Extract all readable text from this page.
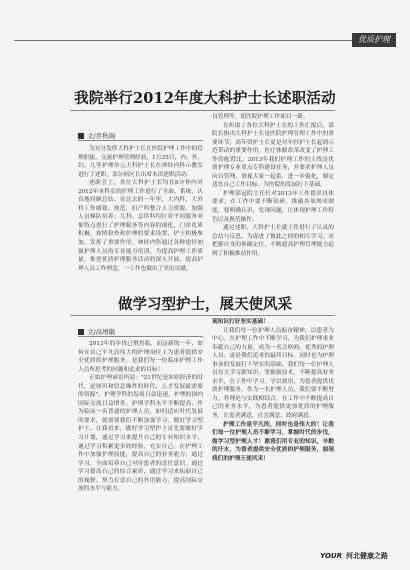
优质护理
我院举行2012年度大科护士长述职活动
文/乔秋阁

为充分发挥大科护士长在医院护理工作中的管理职能，交流护理管理经验，1月25日，内、外、妇、儿等护理单元大科护士长在神经内科示教室进行了述职，部分病区长出席本次述职活动。

述职会上，各位大科护士长均在8分钟内对2012年本科室的护理工作进行了全面、系统、认真地回顾总结。在过去的一年里，大内科、大外科工作细致、规范，妇产科整合人力资源，加强人员梯队培养；儿科、急诊科均针对不同服务对象特点进行了护理服务等内容的细化，门诊化质积极，按照检查和护理的要求设置，护士积极参加，发挥了重要作用。神经内科通过各种途径加强护理人员的专业能力培训，为提高护理工作质量，推进优质护理服务活动的深入开展，提高护理人员工作理念，一工作也做出了突出贡献。

良管理等，使医院护理工作面目一新。

在听取了各位大科护士长的工作汇报后，部院长指出大科护士长是医院护理管理工作中的重要环节，高年资护士长更是对年轻护士长起到示范带动的重要作用。医疗体制改革改变了护理工作的配置比，2013年我们护理工作的主线是优质护理专业重点专科建设任务，并要求护理人员向自管理，重视大家一起系，进一步强化，制定适宜自己工作目标。为医院的发展打下基础。

护理部冠院主任针对2013年工作提出具体要求，在工作中要不断钻研、推敲各项规章制度，要明确认识，发现问题，让体现护理工作特色以及规范操作。

通过述职，大科护士长就工作进行了认真的总结与反思，为促进了彼此之间的相互学习，对把握自身的准确定位，不断提高护理管理能力起到了积极推动作用。

做学习型护士，展天使风采
文/高增敏

2013年的步伐已悄然临，而这新的一年，如何在自己平凡而伟大的护理岗位上为患者提供安全优质的护理服务，是我们每一位临床护理工作人员所思考的问题和追求的目标！

正如护理谚语所说："21世纪是知识经济的时代，是知识和信息爆炸的时代，人才发展最需要的资源"。护理学科的发展日益迅速，护理的国内国际交流日益增多，护理学科水平不断提高，作为临床一名普通的护理人员，如何适应时代发展的要求，就需要我们不断加强学习，做好学习型护士。在我看来，做好学习型护士首先要做好学习计划，通过学习来提升自己的专业知识水平；通过学习积累更多的经验，充实自己，在护理工作中加强护理技能，提高自己的业务能力；通过学习，全面培养自己对待患者的责任意识，通过学习提高自己的综合素质，通过学习来拓展自己的视野，努力打造自己的外语能力，提高国际交流的水平与能力。

现知识打好坚实基础！

让我们每一位护理人员振奋精神，以患者为中心，在护理工作中不断学习，为我们护理事业奉献自己的力量，成为一名合格的、优秀的护理人员，更是我们追求的最终目标。同时也为护理事业的发展打下坚实的基础。我们每一位护理人员每天学习新知识，掌握新技术，不断提高业务水平，在工作中学习，学以致用，为患者提供优质护理服务。作为一名护理人员，我们要不断努力，将理论与实践相结合，在工作中不断提高自己的业务水平，为患者提供更加优质的护理服务，让患者满意，社会满意，政府满意。

护理工作是平凡的，同时也是伟大的！让我们每一位护理人员不断学习，掌握时代的步伐，做学习型护理人才！愿我们用专业的知识，辛勤的汗水，为患者提供安全优质的护理服务，展现我们的护理天使风采！

YOUR 河北健康之路
